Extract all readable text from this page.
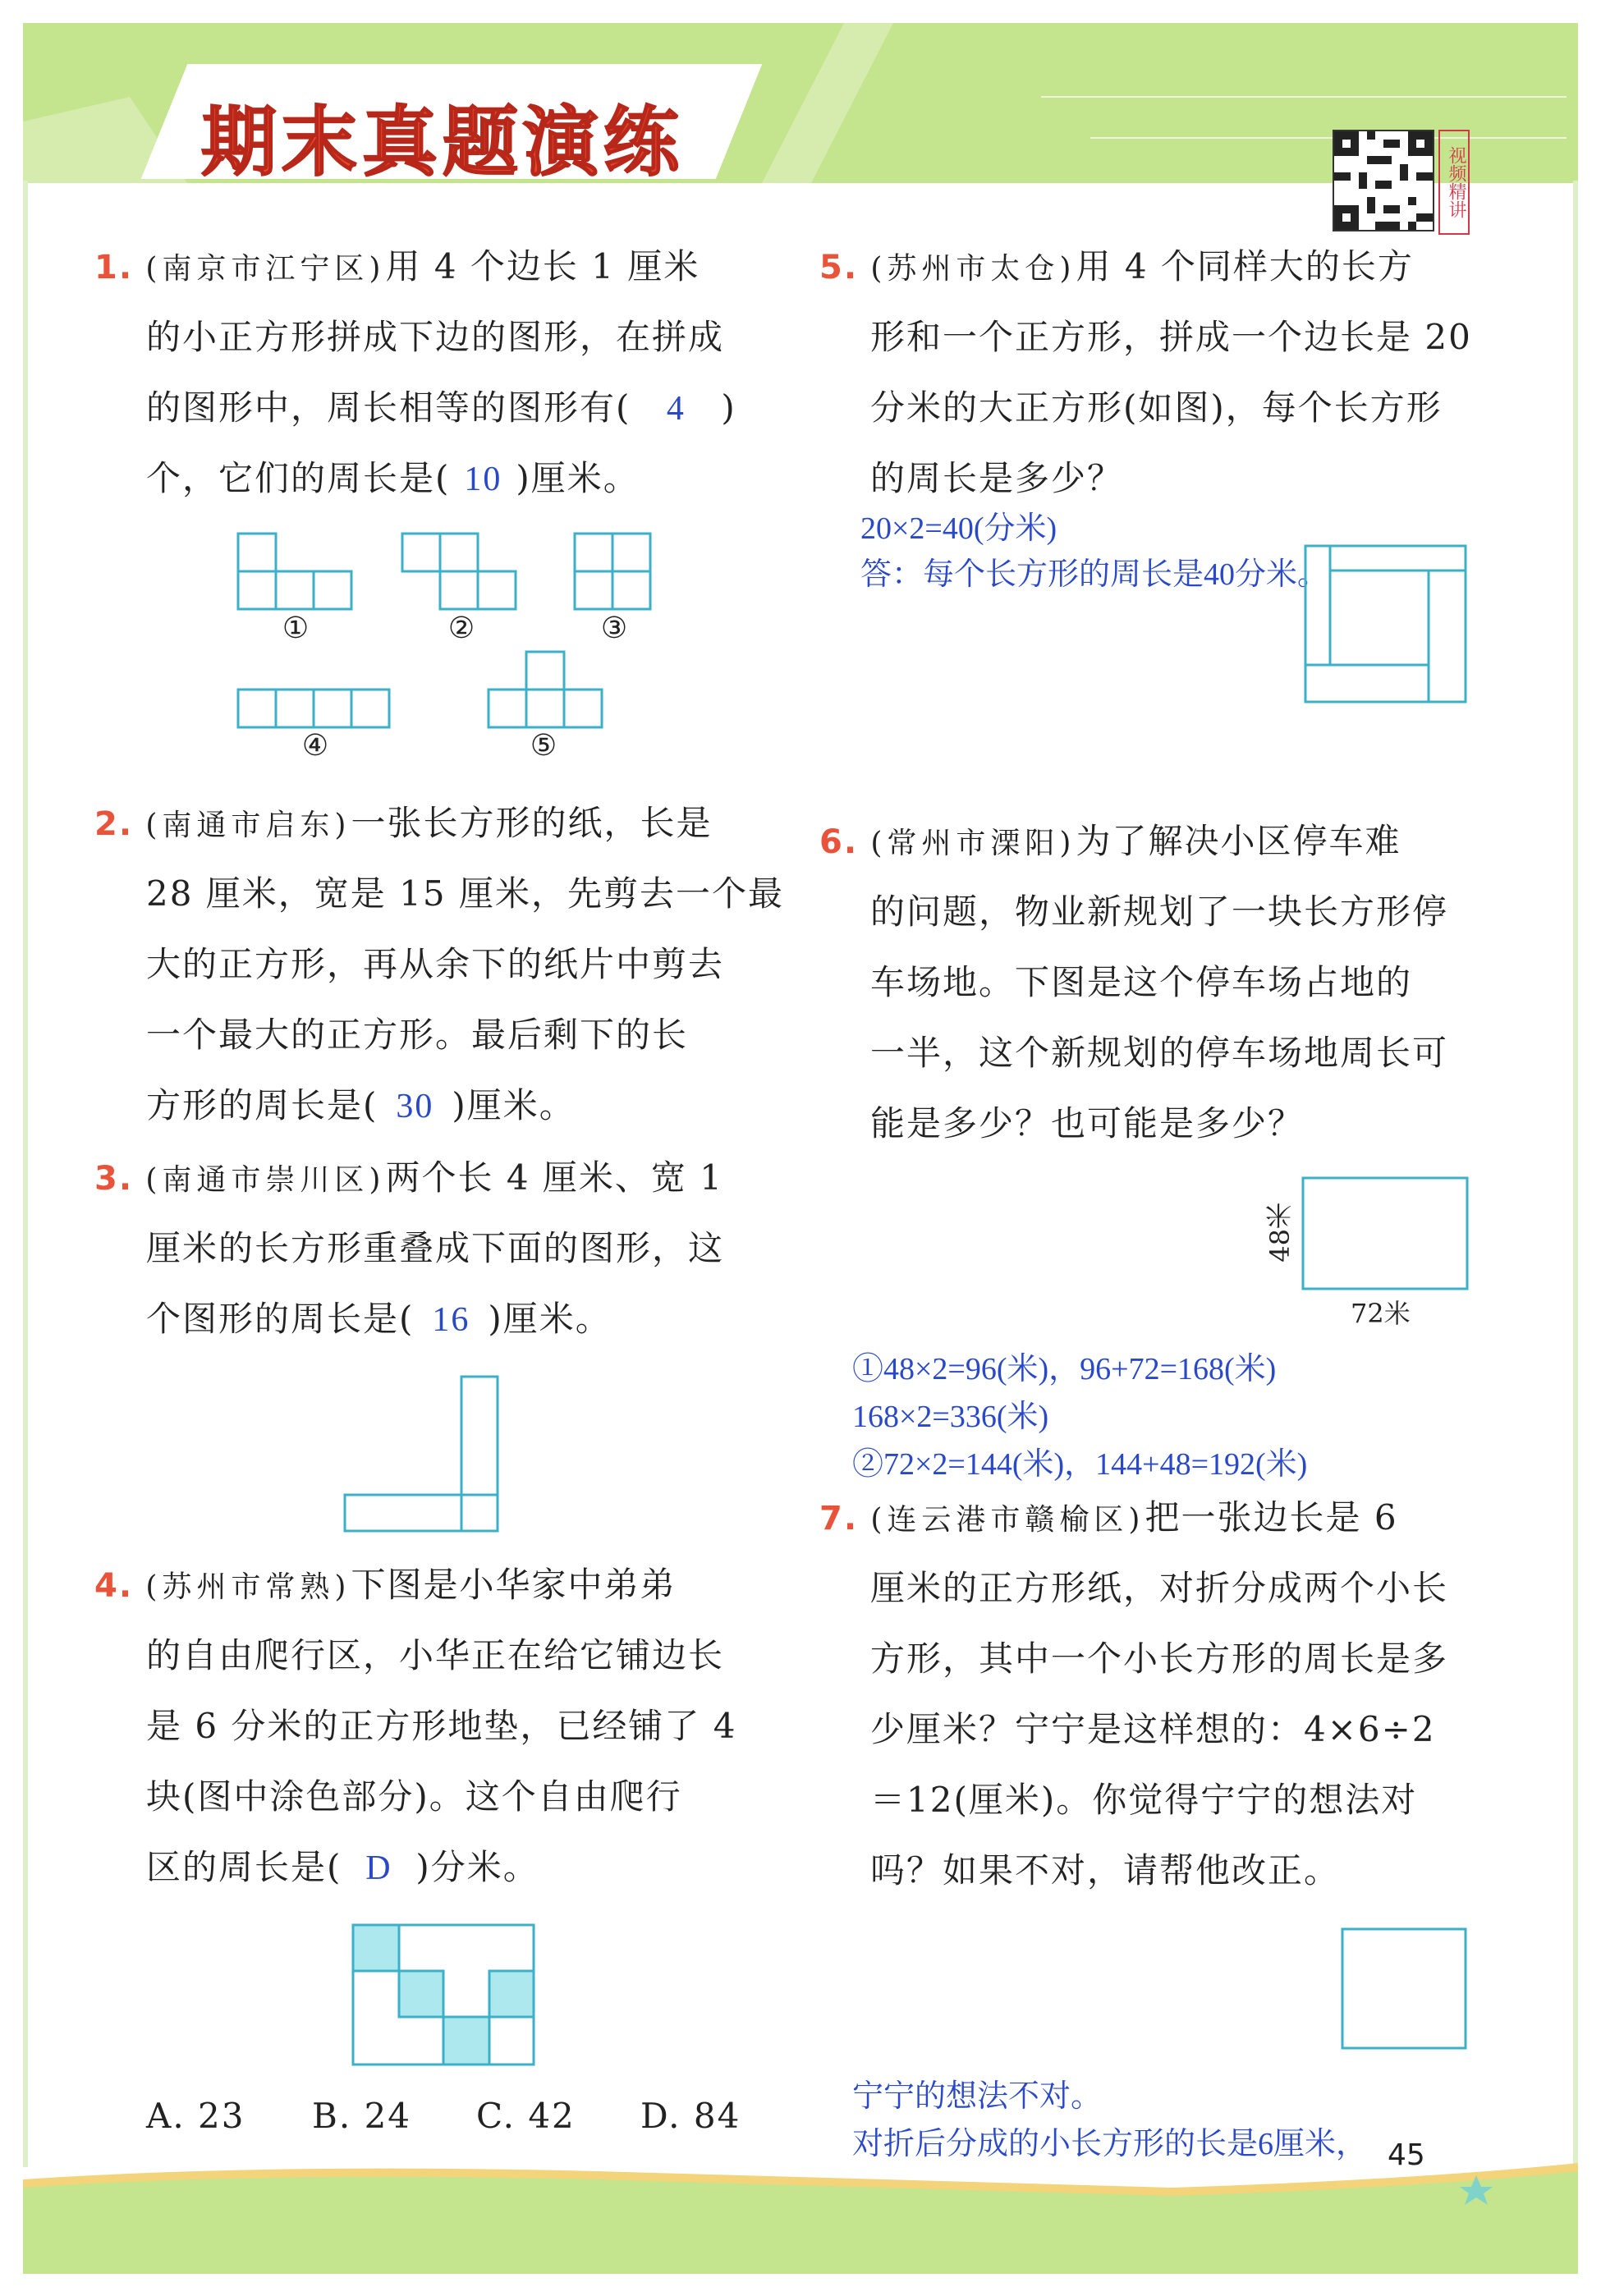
期末真题演练	视频精讲
1. (南京市江宁区)用 4 个边长 1 厘米
的小正方形拼成下边的图形，在拼成
的图形中，周长相等的图形有( 4 )
个，它们的周长是( 10 )厘米。
①	②	③
④	⑤
2. (南通市启东)一张长方形的纸，长是
28 厘米，宽是 15 厘米，先剪去一个最
大的正方形，再从余下的纸片中剪去
一个最大的正方形。最后剩下的长
方形的周长是( 30 )厘米。
3. (南通市崇川区)两个长 4 厘米、宽 1
厘米的长方形重叠成下面的图形，这
个图形的周长是( 16 )厘米。
4. (苏州市常熟)下图是小华家中弟弟
的自由爬行区，小华正在给它铺边长
是 6 分米的正方形地垫，已经铺了 4
块(图中涂色部分)。这个自由爬行
区的周长是( D )分米。
A. 23 B. 24 C. 42 D. 84
5. (苏州市太仓)用 4 个同样大的长方
形和一个正方形，拼成一个边长是 20
分米的大正方形(如图)，每个长方形
的周长是多少？
20×2=40(分米)
答：每个长方形的周长是40分米。
6. (常州市溧阳)为了解决小区停车难
的问题，物业新规划了一块长方形停
车场地。下图是这个停车场占地的
一半，这个新规划的停车场地周长可
能是多少？也可能是多少？
48米
72米
①48×2=96(米)，96+72=168(米)
168×2=336(米)
②72×2=144(米)，144+48=192(米)
7. (连云港市赣榆区)把一张边长是 6
厘米的正方形纸，对折分成两个小长
方形，其中一个小长方形的周长是多
少厘米？宁宁是这样想的：4×6÷2
＝12(厘米)。你觉得宁宁的想法对
吗？如果不对，请帮他改正。
宁宁的想法不对。
对折后分成的小长方形的长是6厘米， 45
